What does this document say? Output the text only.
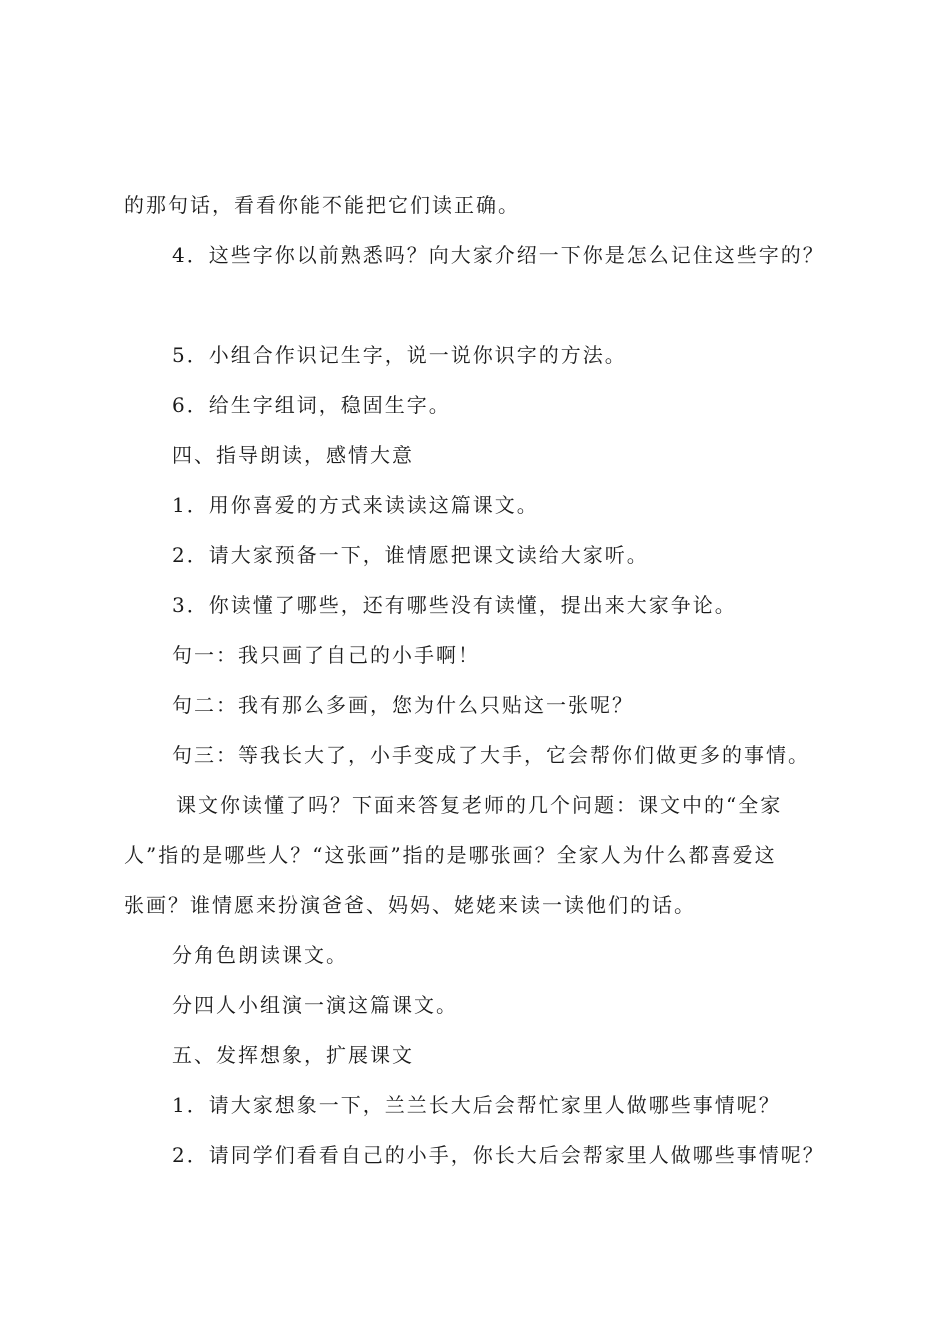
的那句话，看看你能不能把它们读正确。
4．这些字你以前熟悉吗？向大家介绍一下你是怎么记住这些字的？
5．小组合作识记生字，说一说你识字的方法。
6．给生字组词，稳固生字。
四、指导朗读，感情大意
1．用你喜爱的方式来读读这篇课文。
2．请大家预备一下，谁情愿把课文读给大家听。
3．你读懂了哪些，还有哪些没有读懂，提出来大家争论。
句一：我只画了自己的小手啊！
句二：我有那么多画，您为什么只贴这一张呢？
句三：等我长大了，小手变成了大手，它会帮你们做更多的事情。
课文你读懂了吗？下面来答复老师的几个问题：课文中的“全家
人”指的是哪些人？“这张画”指的是哪张画？全家人为什么都喜爱这
张画？谁情愿来扮演爸爸、妈妈、姥姥来读一读他们的话。
分角色朗读课文。
分四人小组演一演这篇课文。
五、发挥想象，扩展课文
1．请大家想象一下，兰兰长大后会帮忙家里人做哪些事情呢？
2．请同学们看看自己的小手，你长大后会帮家里人做哪些事情呢？
